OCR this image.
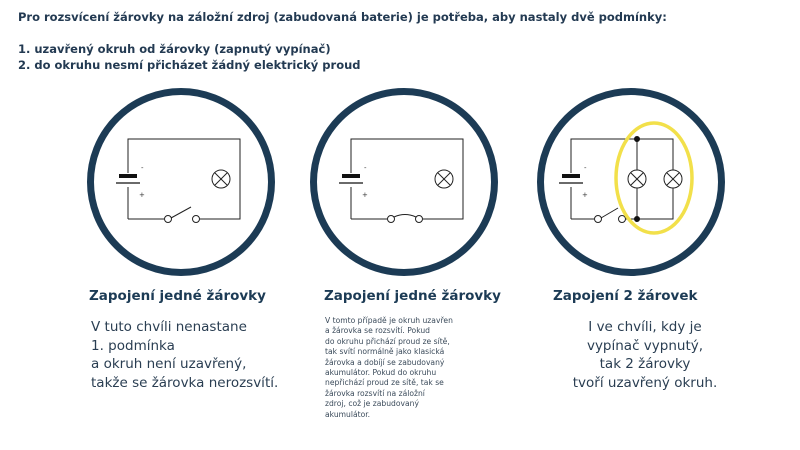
Pro rozsvícení žárovky na záložní zdroj (zabudovaná baterie) je potřeba, aby nastaly dvě podmínky:
1. uzavřený okruh od žárovky (zapnutý vypínač)
2. do okruhu nesmí přicházet žádný elektrický proud
-
+
-
+
-
+
Zapojení jedné žárovky	Zapojení jedné žárovky	Zapojení 2 žárovek
V tuto chvíli nenastane
1. podmínka
a okruh není uzavřený,
takže se žárovka nerozsvítí.
V tomto případě je okruh uzavřen
a žárovka se rozsvítí. Pokud
do okruhu přichází proud ze sítě,
tak svítí normálně jako klasická
žárovka a dobíjí se zabudovaný
akumulátor. Pokud do okruhu
nepřichází proud ze sítě, tak se
žárovka rozsvítí na záložní
zdroj, což je zabudovaný
akumulátor.
I ve chvíli, kdy je
vypínač vypnutý,
tak 2 žárovky
tvoří uzavřený okruh.
